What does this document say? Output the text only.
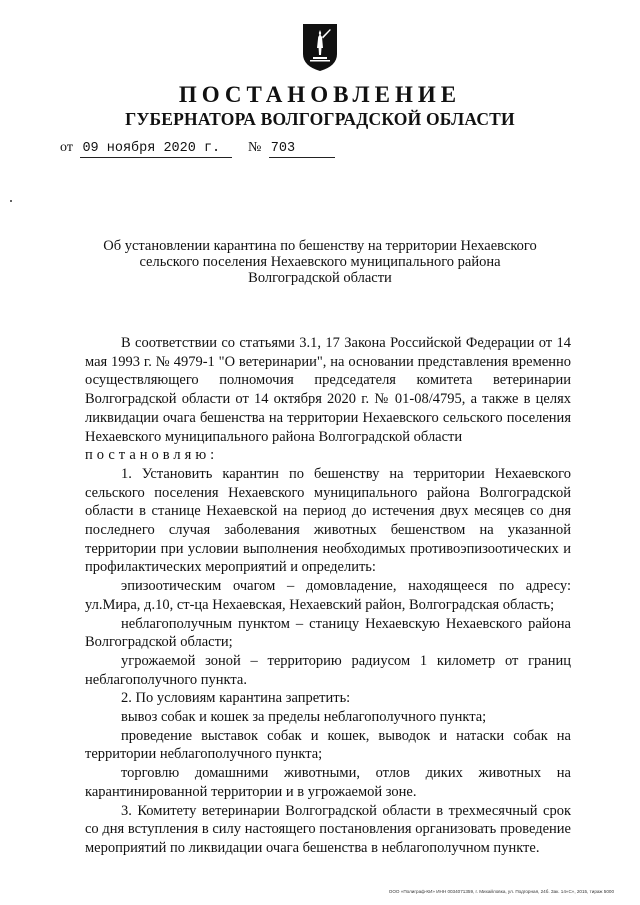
ПОСТАНОВЛЕНИЕ
ГУБЕРНАТОРА ВОЛГОГРАДСКОЙ ОБЛАСТИ
от 09 ноября 2020 г. № 703
Об установлении карантина по бешенству на территории Нехаевского
сельского поселения Нехаевского муниципального района
Волгоградской области

В соответствии со статьями 3.1, 17 Закона Российской Федерации от 14 мая 1993 г. № 4979-1 "О ветеринарии", на основании представления временно осуществляющего полномочия председателя комитета ветеринарии Волгоградской области от 14 октября 2020 г. № 01-08/4795, а также в целях ликвидации очага бешенства на территории Нехаевского сельского поселения Нехаевского муниципального района Волгоградской области

постановляю:

1. Установить карантин по бешенству на территории Нехаевского сельского поселения Нехаевского муниципального района Волгоградской области в станице Нехаевской на период до истечения двух месяцев со дня последнего случая заболевания животных бешенством на указанной территории при условии выполнения необходимых противоэпизоотических и профилактических мероприятий и определить:

эпизоотическим очагом – домовладение, находящееся по адресу: ул.Мира, д.10, ст-ца Нехаевская, Нехаевский район, Волгоградская область;

неблагополучным пунктом – станицу Нехаевскую Нехаевского района Волгоградской области;

угрожаемой зоной – территорию радиусом 1 километр от границ неблагополучного пункта.

2. По условиям карантина запретить:

вывоз собак и кошек за пределы неблагополучного пункта;

проведение выставок собак и кошек, выводок и натаски собак на территории неблагополучного пункта;

торговлю домашними животными, отлов диких животных на карантинированной территории и в угрожаемой зоне.

3. Комитету ветеринарии Волгоградской области в трехмесячный срок со дня вступления в силу настоящего постановления организовать проведение мероприятий по ликвидации очага бешенства в неблагополучном пункте.

ООО «Полиграф-КИ» ИНН 0034071359, г. Михайловка, ул. Подгорная, 24б. Зак. 14«С», 2015, тираж 5000
